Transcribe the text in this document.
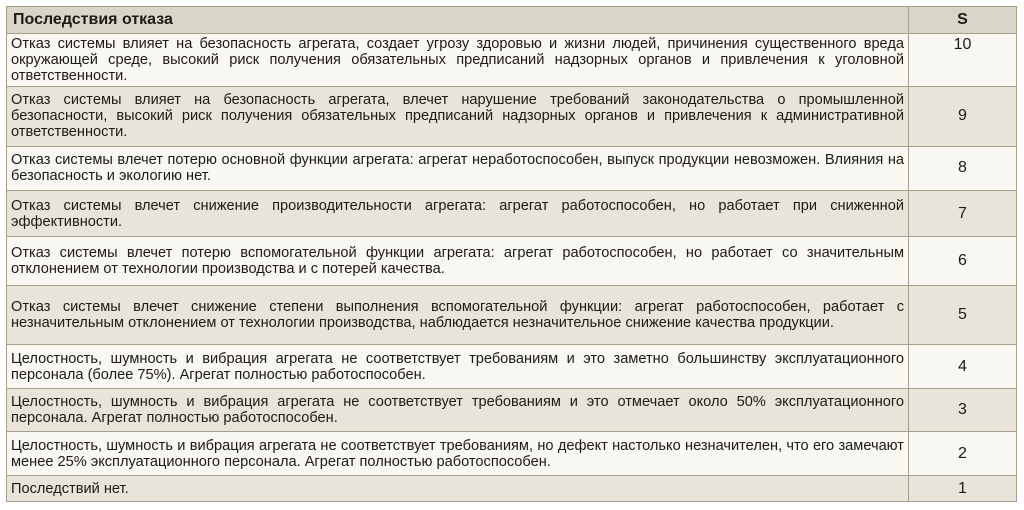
Последствия отказа	S
Отказ системы влияет на безопасность агрегата, создает угрозу здоровью и жизни людей, причинения существенного вреда окружающей среде, высокий риск получения обязательных предписаний надзорных органов и привлечения к уголовной ответственности.	10
Отказ системы влияет на безопасность агрегата, влечет нарушение требований законодательства о промышленной безопасности, высокий риск получения обязательных предписаний надзорных органов и привлечения к административной ответственности.	9
Отказ системы влечет потерю основной функции агрегата: агрегат неработоспособен, выпуск продукции невозможен. Влияния на безопасность и экологию нет.	8
Отказ системы влечет снижение производительности агрегата: агрегат работоспособен, но работает при сниженной эффективности.	7
Отказ системы влечет потерю вспомогательной функции агрегата: агрегат работоспособен, но работает со значительным отклонением от технологии производства и с потерей качества.	6
Отказ системы влечет снижение степени выполнения вспомогательной функции: агрегат работоспособен, работает с незначительным отклонением от технологии производства, наблюдается незначительное снижение качества продукции.	5
Целостность, шумность и вибрация агрегата не соответствует требованиям и это заметно большинству эксплуатационного персонала (более 75%). Агрегат полностью работоспособен.	4
Целостность, шумность и вибрация агрегата не соответствует требованиям и это отмечает около 50% эксплуатационного персонала. Агрегат полностью работоспособен.	3
Целостность, шумность и вибрация агрегата не соответствует требованиям, но дефект настолько незначителен, что его замечают менее 25% эксплуатационного персонала. Агрегат полностью работоспособен.	2
Последствий нет.	1
